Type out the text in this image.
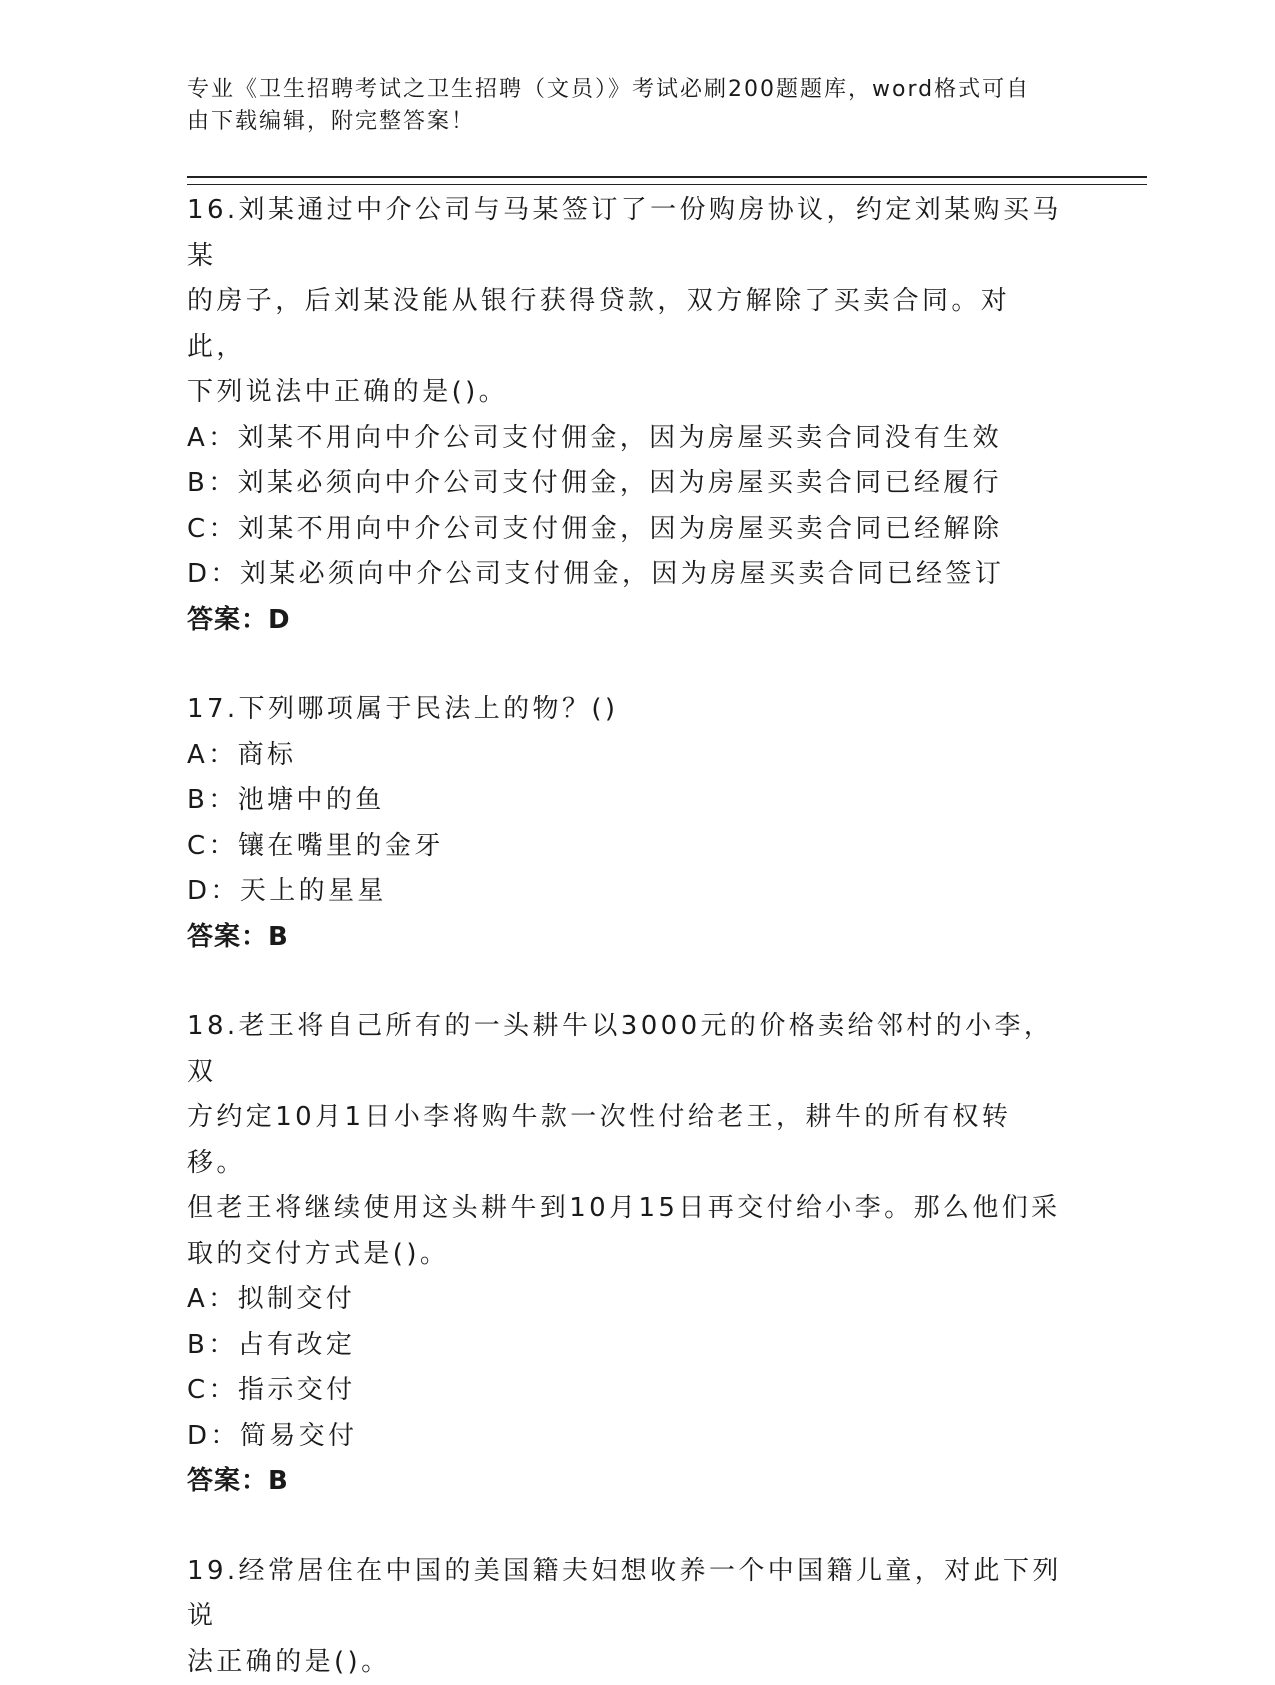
专业《卫生招聘考试之卫生招聘（文员）》考试必刷200题题库，word格式可自
由下载编辑，附完整答案！

16.刘某通过中介公司与马某签订了一份购房协议，约定刘某购买马某

的房子，后刘某没能从银行获得贷款，双方解除了买卖合同。对此，

下列说法中正确的是()。

A：刘某不用向中介公司支付佣金，因为房屋买卖合同没有生效

B：刘某必须向中介公司支付佣金，因为房屋买卖合同已经履行

C：刘某不用向中介公司支付佣金，因为房屋买卖合同已经解除

D：刘某必须向中介公司支付佣金，因为房屋买卖合同已经签订

答案：D

17.下列哪项属于民法上的物？()

A：商标

B：池塘中的鱼

C：镶在嘴里的金牙

D：天上的星星

答案：B

18.老王将自己所有的一头耕牛以3000元的价格卖给邻村的小李，双

方约定10月1日小李将购牛款一次性付给老王，耕牛的所有权转移。

但老王将继续使用这头耕牛到10月15日再交付给小李。那么他们采

取的交付方式是()。

A：拟制交付

B：占有改定

C：指示交付

D：简易交付

答案：B

19.经常居住在中国的美国籍夫妇想收养一个中国籍儿童，对此下列说

法正确的是()。
